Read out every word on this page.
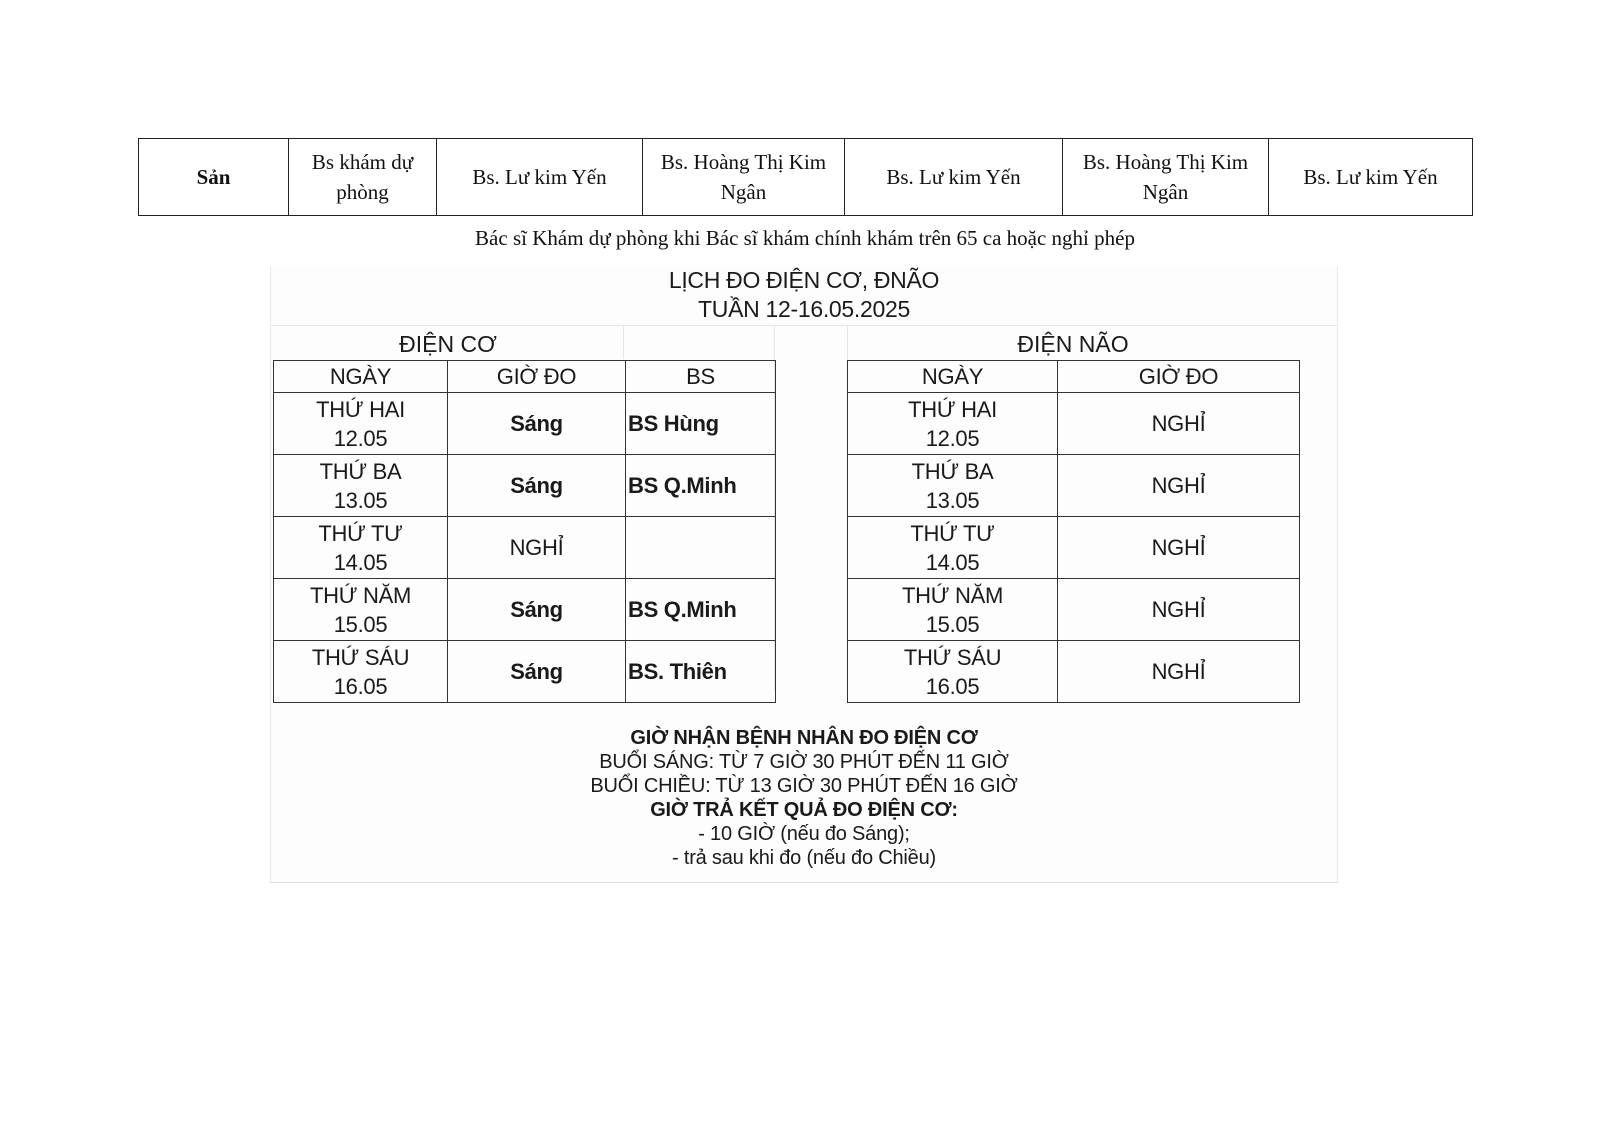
Sản	Bs khám dự phòng	Bs. Lư kim Yến	Bs. Hoàng Thị Kim Ngân	Bs. Lư kim Yến	Bs. Hoàng Thị Kim Ngân	Bs. Lư kim Yến
Bác sĩ Khám dự phòng khi Bác sĩ khám chính khám trên 65 ca hoặc nghỉ phép
LỊCH ĐO ĐIỆN CƠ, ĐNÃO
TUẦN 12-16.05.2025
ĐIỆN CƠ	ĐIỆN NÃO
NGÀY	GIỜ ĐO	BS
THỨ HAI
12.05	Sáng	BS Hùng
THỨ BA
13.05	Sáng	BS Q.Minh
THỨ TƯ
14.05	NGHỈ	
THỨ NĂM
15.05	Sáng	BS Q.Minh
THỨ SÁU
16.05	Sáng	BS. Thiên
NGÀY	GIỜ ĐO
THỨ HAI
12.05	NGHỈ
THỨ BA
13.05	NGHỈ
THỨ TƯ
14.05	NGHỈ
THỨ NĂM
15.05	NGHỈ
THỨ SÁU
16.05	NGHỈ
GIỜ NHẬN BỆNH NHÂN ĐO ĐIỆN CƠ
BUỔI SÁNG: TỪ 7 GIỜ 30 PHÚT ĐẾN 11 GIỜ
BUỔI CHIỀU: TỪ 13 GIỜ 30 PHÚT ĐẾN 16 GIỜ
GIỜ TRẢ KẾT QUẢ ĐO ĐIỆN CƠ:
- 10 GIỜ (nếu đo Sáng);
- trả sau khi đo (nếu đo Chiều)
